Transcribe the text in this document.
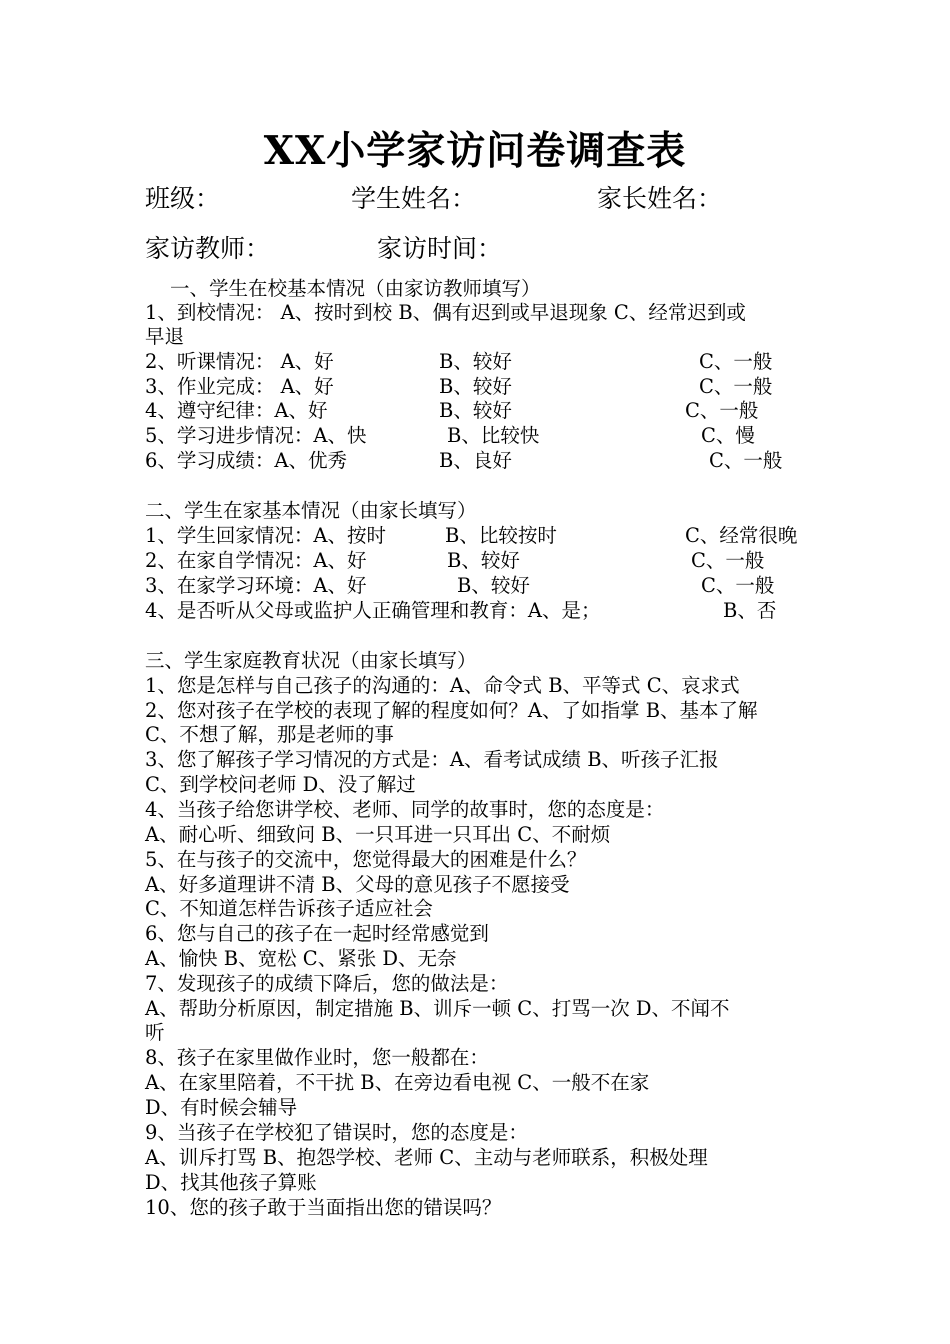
XX小学家访问卷调查表
班级：	学生姓名：	家长姓名：
家访教师：	家访时间：
一、学生在校基本情况（由家访教师填写）
1、到校情况： A、按时到校 B、偶有迟到或早退现象 C、经常迟到或
早退
2、听课情况： A、好	B、较好	C、一般
3、作业完成： A、好	B、较好	C、一般
4、遵守纪律：A、好	B、较好	C、一般
5、学习进步情况：A、快	B、比较快	C、慢
6、学习成绩：A、优秀	B、良好	C、一般
二、学生在家基本情况（由家长填写）
1、学生回家情况：A、按时	B、比较按时	C、经常很晚
2、在家自学情况：A、好	B、较好	C、一般
3、在家学习环境：A、好	B、较好	C、一般
4、是否听从父母或监护人正确管理和教育：A、是；	B、否
三、学生家庭教育状况（由家长填写）
1、您是怎样与自己孩子的沟通的：A、命令式 B、平等式 C、哀求式
2、您对孩子在学校的表现了解的程度如何？A、了如指掌 B、基本了解
C、不想了解，那是老师的事
3、您了解孩子学习情况的方式是：A、看考试成绩 B、听孩子汇报
C、到学校问老师 D、没了解过
4、当孩子给您讲学校、老师、同学的故事时，您的态度是：
A、耐心听、细致问 B、一只耳进一只耳出 C、不耐烦
5、在与孩子的交流中，您觉得最大的困难是什么？
A、好多道理讲不清 B、父母的意见孩子不愿接受
C、不知道怎样告诉孩子适应社会
6、您与自己的孩子在一起时经常感觉到
A、愉快 B、宽松 C、紧张 D、无奈
7、发现孩子的成绩下降后，您的做法是：
A、帮助分析原因，制定措施 B、训斥一顿 C、打骂一次 D、不闻不
听
8、孩子在家里做作业时，您一般都在：
A、在家里陪着，不干扰 B、在旁边看电视 C、一般不在家
D、有时候会辅导
9、当孩子在学校犯了错误时，您的态度是：
A、训斥打骂 B、抱怨学校、老师 C、主动与老师联系，积极处理
D、找其他孩子算账
10、您的孩子敢于当面指出您的错误吗？
